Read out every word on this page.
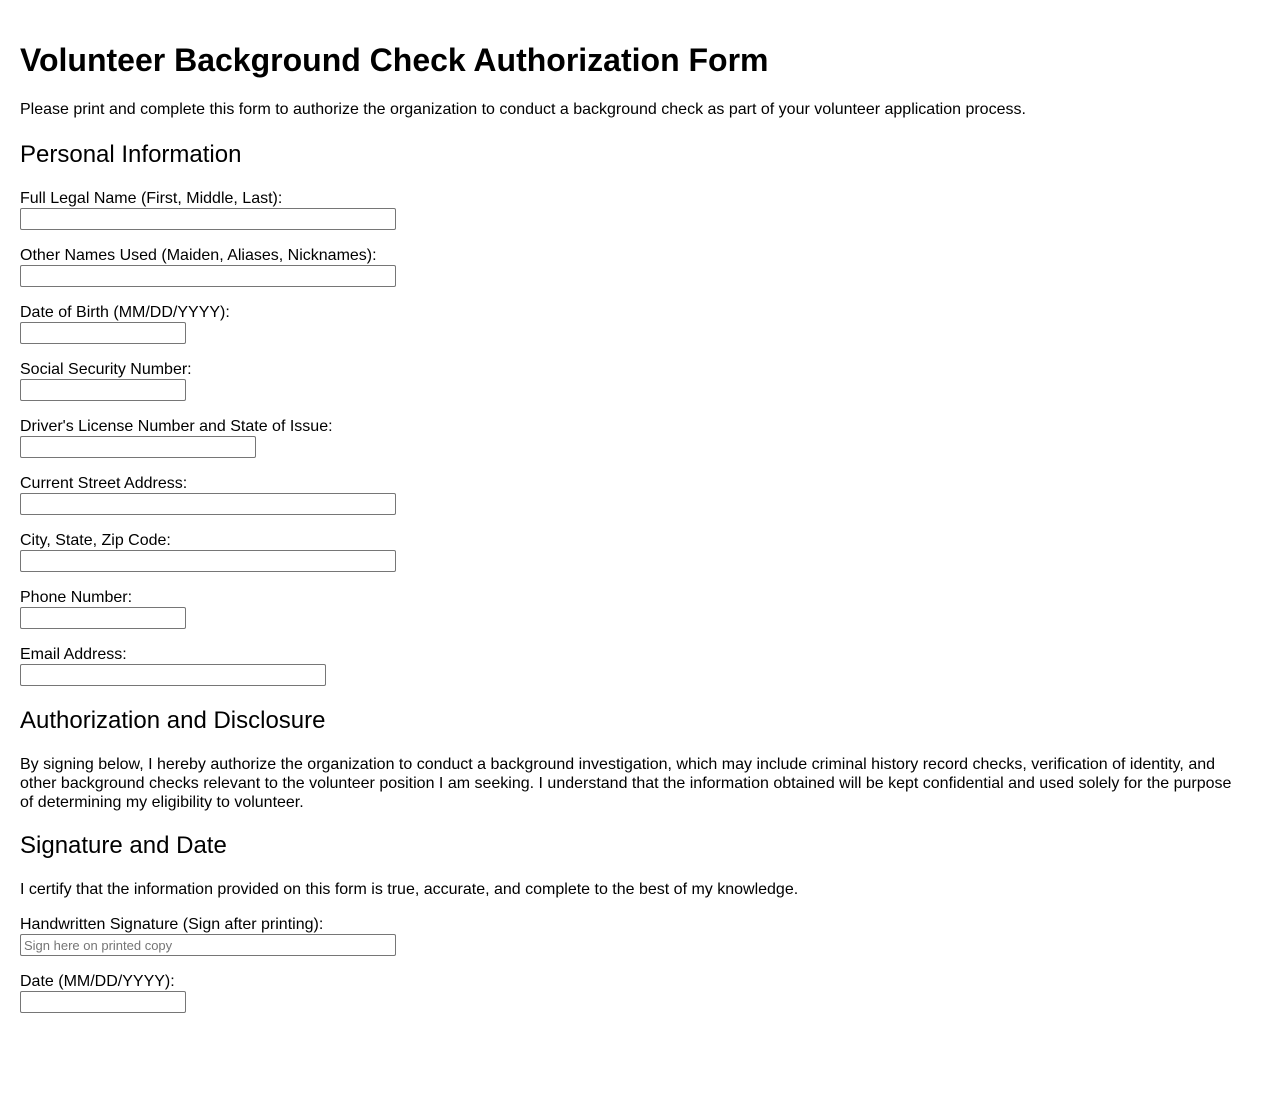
Volunteer Background Check Authorization Form

Please print and complete this form to authorize the organization to conduct a background check as part of your volunteer application process.

Personal Information
Full Legal Name (First, Middle, Last):
Other Names Used (Maiden, Aliases, Nicknames):
Date of Birth (MM/DD/YYYY):
Social Security Number:
Driver's License Number and State of Issue:
Current Street Address:
City, State, Zip Code:
Phone Number:
Email Address:
Authorization and Disclosure

By signing below, I hereby authorize the organization to conduct a background investigation, which may include criminal history record checks, verification of identity, and other background checks relevant to the volunteer position I am seeking. I understand that the information obtained will be kept confidential and used solely for the purpose of determining my eligibility to volunteer.

Signature and Date

I certify that the information provided on this form is true, accurate, and complete to the best of my knowledge.

Handwritten Signature (Sign after printing):
Sign here on printed copy
Date (MM/DD/YYYY):
